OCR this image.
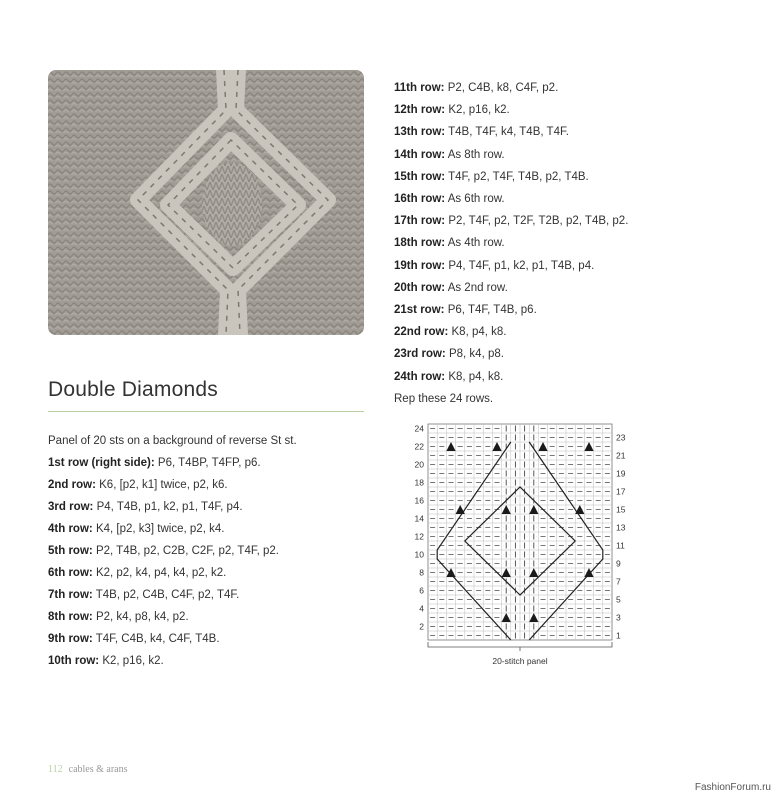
Double Diamonds
Panel of 20 sts on a background of reverse St st.
1st row (right side): P6, T4BP, T4FP, p6.
2nd row: K6, [p2, k1] twice, p2, k6.
3rd row: P4, T4B, p1, k2, p1, T4F, p4.
4th row: K4, [p2, k3] twice, p2, k4.
5th row: P2, T4B, p2, C2B, C2F, p2, T4F, p2.
6th row: K2, p2, k4, p4, k4, p2, k2.
7th row: T4B, p2, C4B, C4F, p2, T4F.
8th row: P2, k4, p8, k4, p2.
9th row: T4F, C4B, k4, C4F, T4B.
10th row: K2, p16, k2.
11th row: P2, C4B, k8, C4F, p2.
12th row: K2, p16, k2.
13th row: T4B, T4F, k4, T4B, T4F.
14th row: As 8th row.
15th row: T4F, p2, T4F, T4B, p2, T4B.
16th row: As 6th row.
17th row: P2, T4F, p2, T2F, T2B, p2, T4B, p2.
18th row: As 4th row.
19th row: P4, T4F, p1, k2, p1, T4B, p4.
20th row: As 2nd row.
21st row: P6, T4F, T4B, p6.
22nd row: K8, p4, k8.
23rd row: P8, k4, p8.
24th row: K8, p4, k8.
Rep these 24 rows.
24
22
20
18
16
14
12
10
8
6
4
2
23
21
19
17
15
13
11
9
7
5
3
1
20-stitch panel
112 cables & arans
FashionForum.ru
